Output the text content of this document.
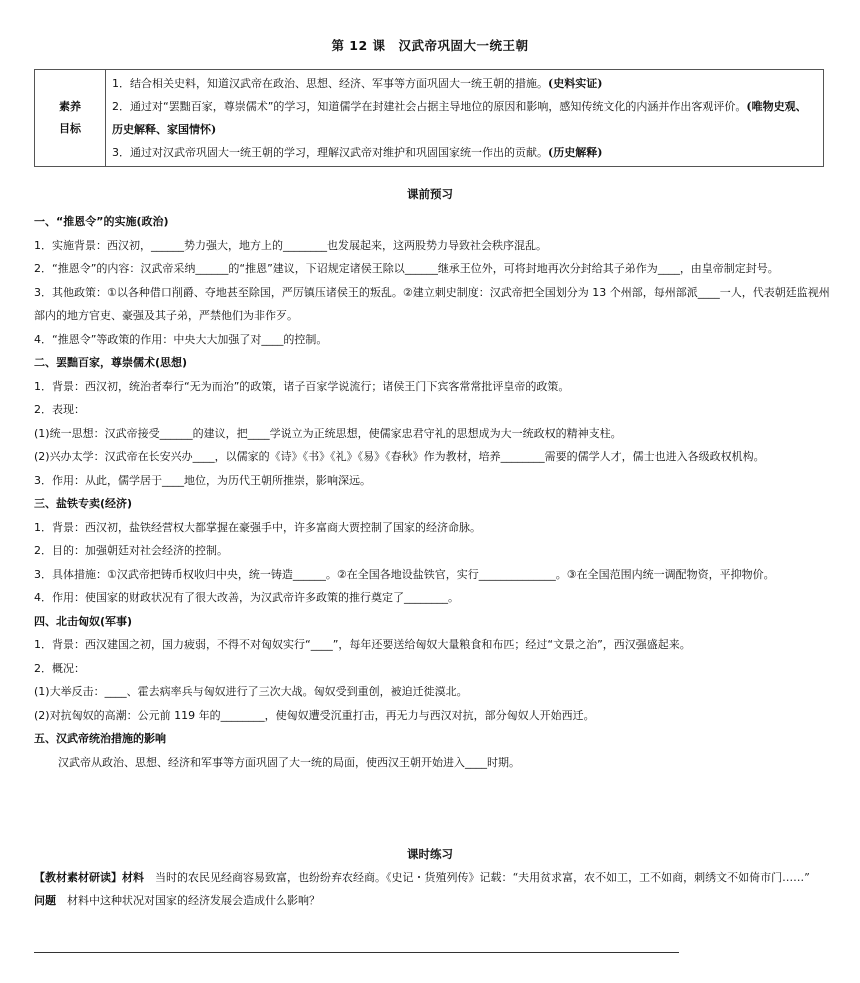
第 12 课　汉武帝巩固大一统王朝
素养
目标

1．结合相关史料，知道汉武帝在政治、思想、经济、军事等方面巩固大一统王朝的措施。(史料实证)
2．通过对“罢黜百家，尊崇儒术”的学习，知道儒学在封建社会占据主导地位的原因和影响，感知传统文化的内涵并作出客观评价。(唯物史观、历史解释、家国情怀)
3．通过对汉武帝巩固大一统王朝的学习，理解汉武帝对维护和巩固国家统一作出的贡献。(历史解释)
课前预习

一、“推恩令”的实施(政治)

1．实施背景：西汉初，______势力强大，地方上的________也发展起来，这两股势力导致社会秩序混乱。

2．“推恩令”的内容：汉武帝采纳______的“推恩”建议，下诏规定诸侯王除以______继承王位外，可将封地再次分封给其子弟作为____，由皇帝制定封号。

3．其他政策：①以各种借口削爵、夺地甚至除国，严厉镇压诸侯王的叛乱。②建立刺史制度：汉武帝把全国划分为 13 个州部，每州部派____一人，代表朝廷监视州部内的地方官吏、豪强及其子弟，严禁他们为非作歹。

4．“推恩令”等政策的作用：中央大大加强了对____的控制。

二、罢黜百家，尊崇儒术(思想)

1．背景：西汉初，统治者奉行“无为而治”的政策，诸子百家学说流行；诸侯王门下宾客常常批评皇帝的政策。

2．表现：

(1)统一思想：汉武帝接受______的建议，把____学说立为正统思想，使儒家忠君守礼的思想成为大一统政权的精神支柱。

(2)兴办太学：汉武帝在长安兴办____，以儒家的《诗》《书》《礼》《易》《春秋》作为教材，培养________需要的儒学人才，儒士也进入各级政权机构。

3．作用：从此，儒学居于____地位，为历代王朝所推崇，影响深远。

三、盐铁专卖(经济)

1．背景：西汉初，盐铁经营权大都掌握在豪强手中，许多富商大贾控制了国家的经济命脉。

2．目的：加强朝廷对社会经济的控制。

3．具体措施：①汉武帝把铸币权收归中央，统一铸造______。②在全国各地设盐铁官，实行______________。③在全国范围内统一调配物资，平抑物价。

4．作用：使国家的财政状况有了很大改善，为汉武帝许多政策的推行奠定了________。

四、北击匈奴(军事)

1．背景：西汉建国之初，国力疲弱，不得不对匈奴实行“____”，每年还要送给匈奴大量粮食和布匹；经过“文景之治”，西汉强盛起来。

2．概况：

(1)大举反击：____、霍去病率兵与匈奴进行了三次大战。匈奴受到重创，被迫迁徙漠北。

(2)对抗匈奴的高潮：公元前 119 年的________，使匈奴遭受沉重打击，再无力与西汉对抗，部分匈奴人开始西迁。

五、汉武帝统治措施的影响

汉武帝从政治、思想、经济和军事等方面巩固了大一统的局面，使西汉王朝开始进入____时期。

课时练习

【教材素材研读】材料　当时的农民见经商容易致富，也纷纷弃农经商。《史记・货殖列传》记载：“夫用贫求富，农不如工，工不如商，刺绣文不如倚市门……”

问题　材料中这种状况对国家的经济发展会造成什么影响？
